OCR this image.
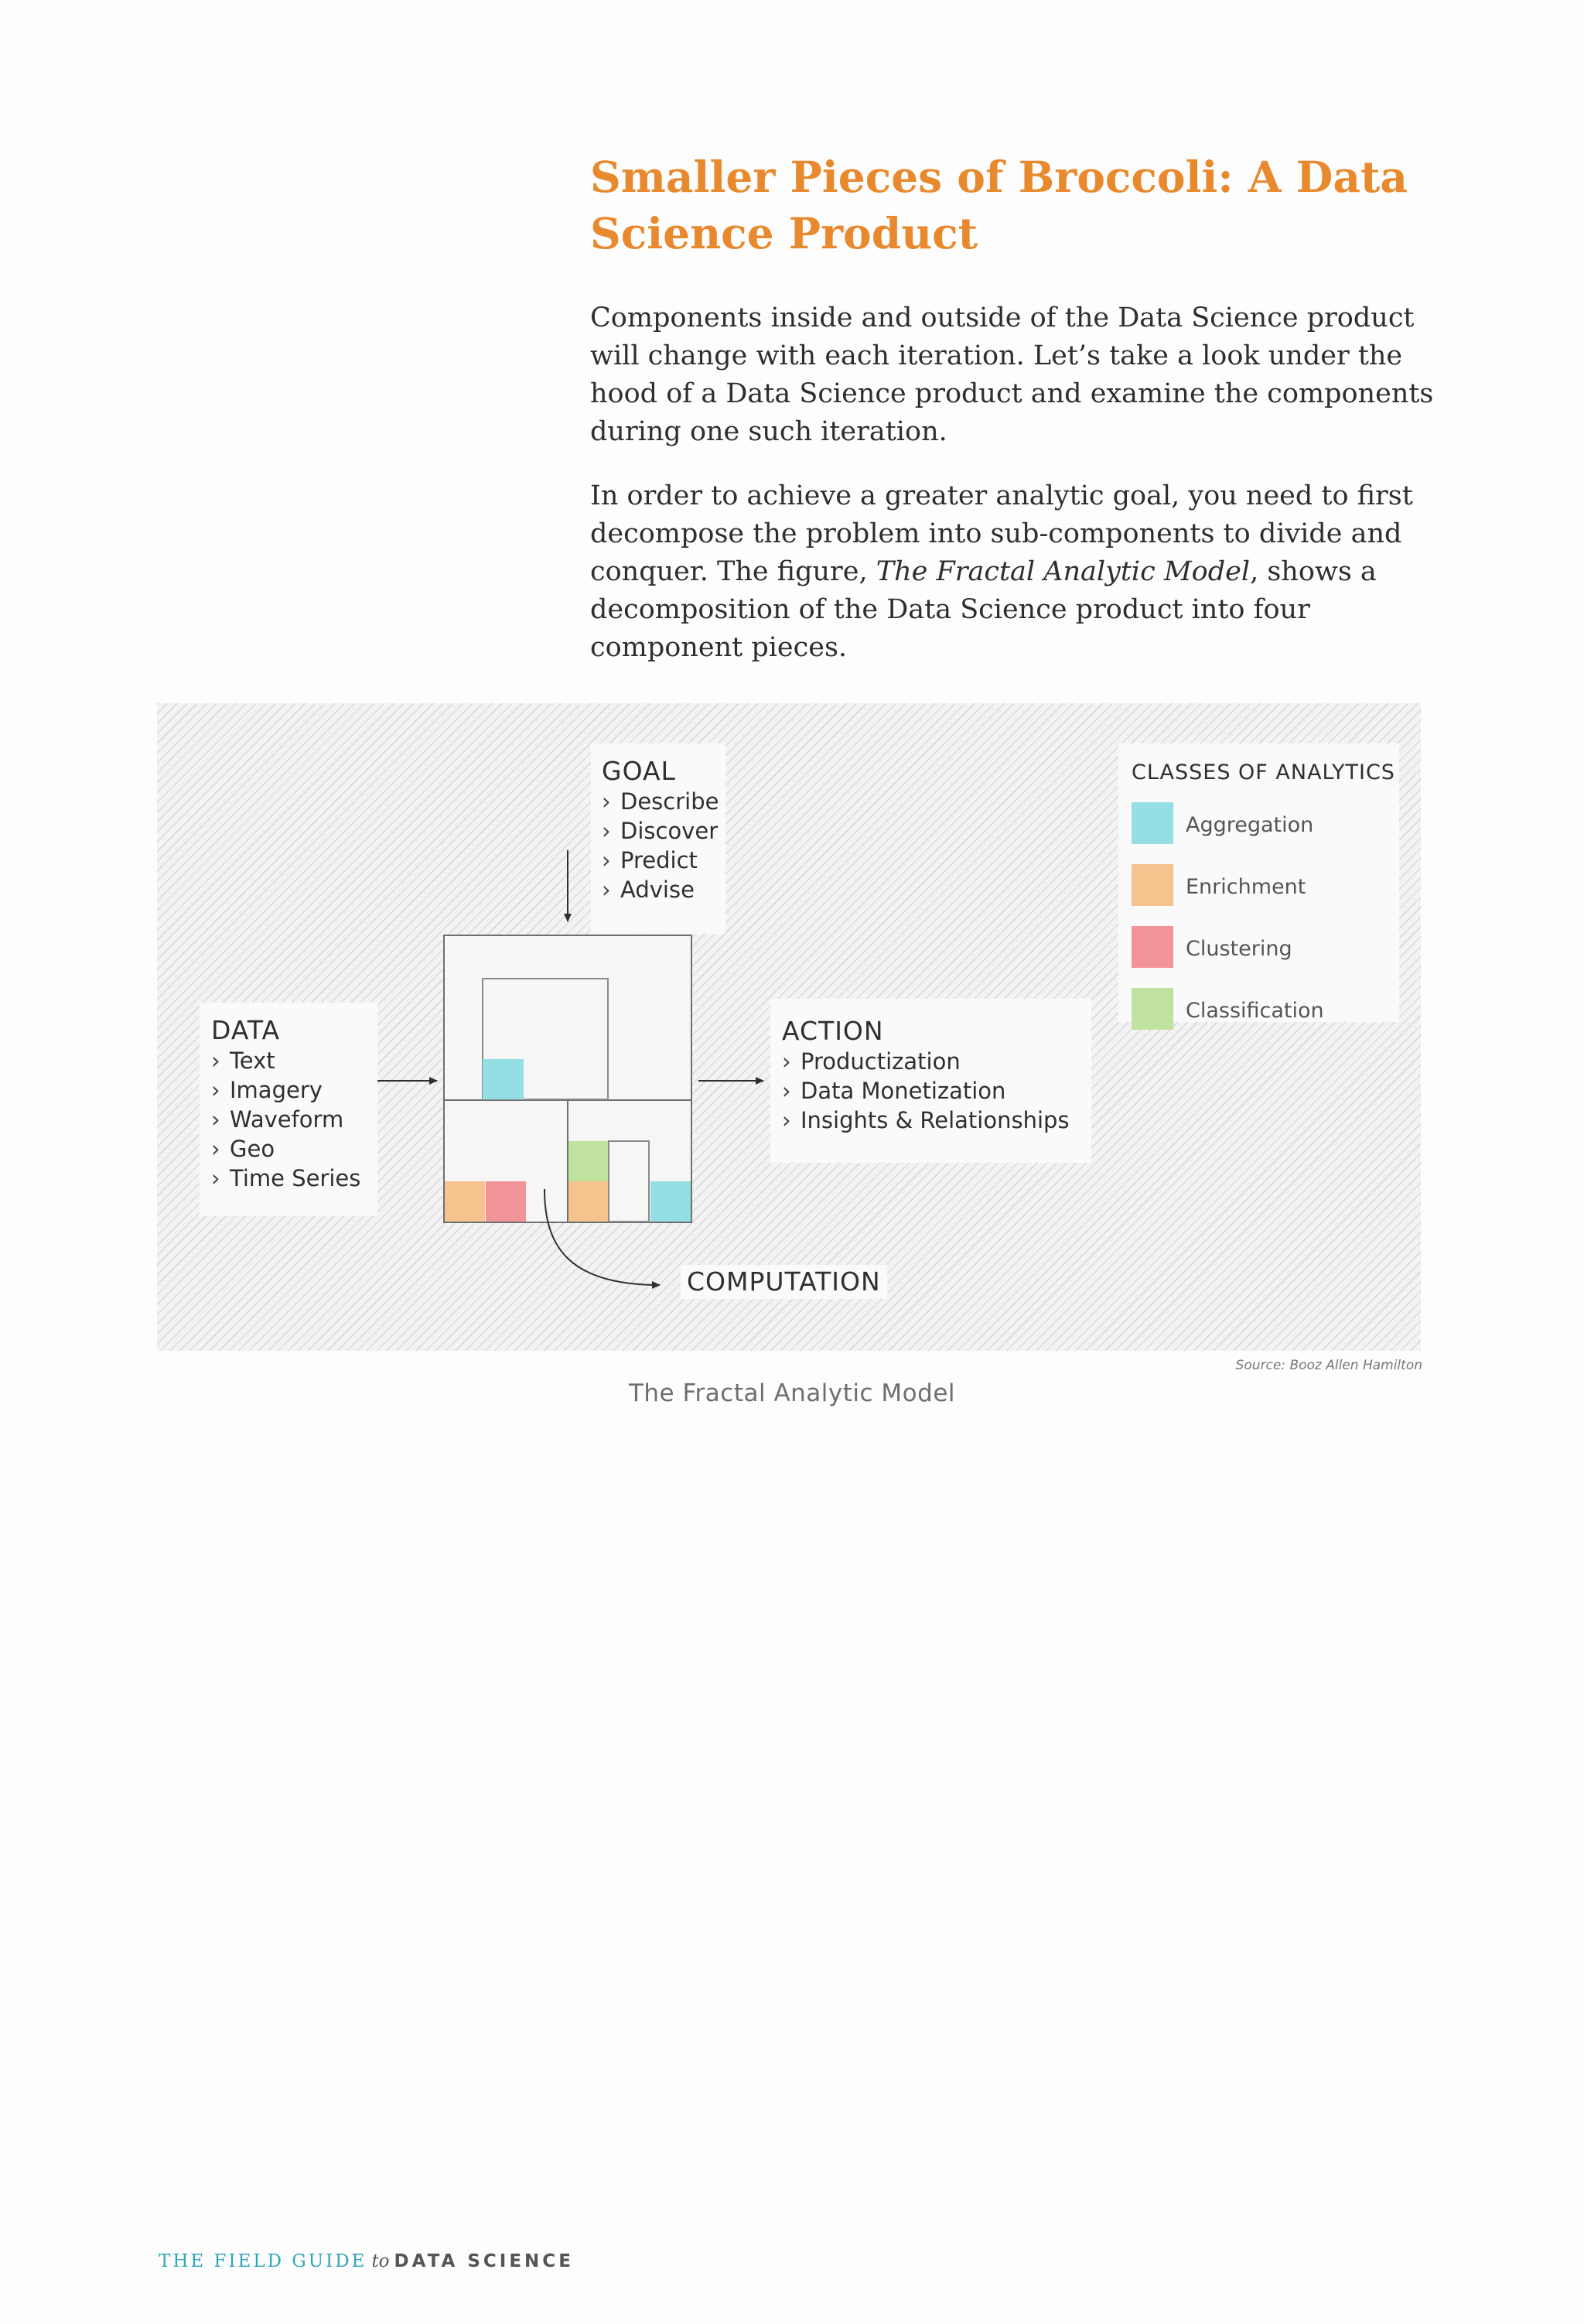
Smaller Pieces of Broccoli: A Data Science Product

Components inside and outside of the Data Science product will change with each iteration. Let’s take a look under the hood of a Data Science product and examine the components during one such iteration.

In order to achieve a greater analytic goal, you need to first decompose the problem into sub-components to divide and conquer. The figure, The Fractal Analytic Model, shows a decomposition of the Data Science product into four component pieces.

GOAL
› Describe
› Discover
› Predict
› Advise
DATA
› Text
› Imagery
› Waveform
› Geo
› Time Series
ACTION
› Productization
› Data Monetization
› Insights & Relationships
CLASSES OF ANALYTICS
Aggregation
Enrichment
Clustering
Classification
COMPUTATION
Source: Booz Allen Hamilton
The Fractal Analytic Model
THE FIELD GUIDE to DATA SCIENCE
